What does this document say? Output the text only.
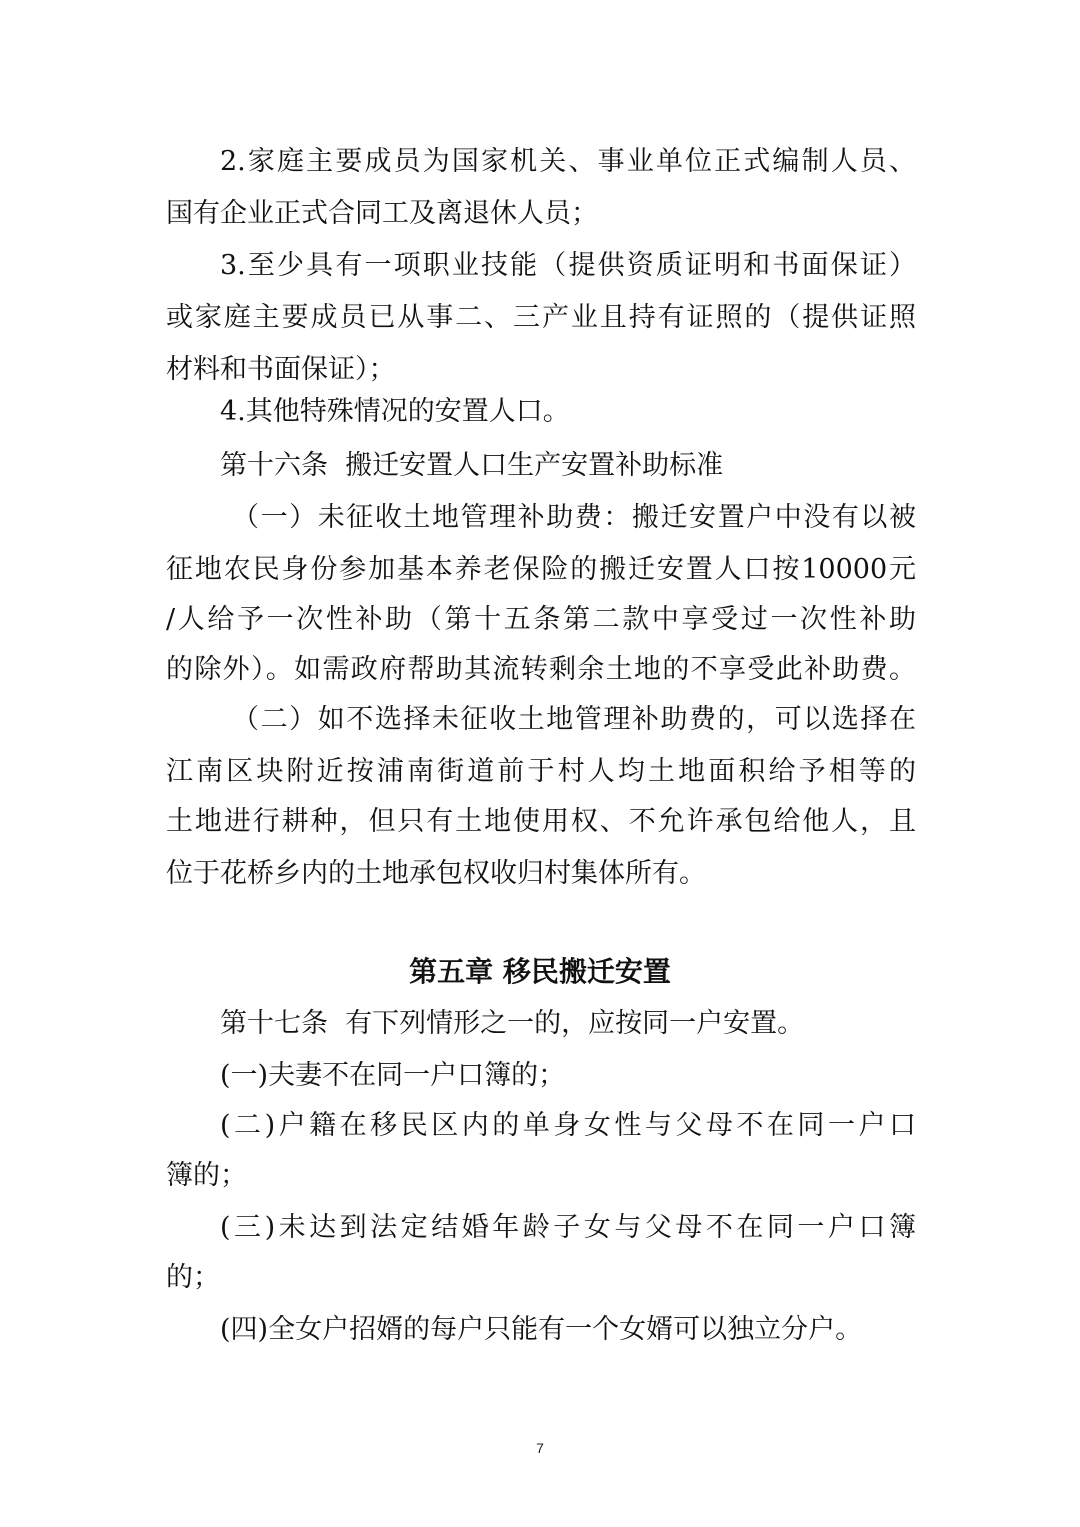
2.家庭主要成员为国家机关、事业单位正式编制人员、
国有企业正式合同工及离退休人员；
3.至少具有一项职业技能（提供资质证明和书面保证）
或家庭主要成员已从事二、三产业且持有证照的（提供证照
材料和书面保证）；
4.其他特殊情况的安置人口。
第十六条 搬迁安置人口生产安置补助标准
（一）未征收土地管理补助费：搬迁安置户中没有以被
征地农民身份参加基本养老保险的搬迁安置人口按10000元
/人给予一次性补助（第十五条第二款中享受过一次性补助
的除外）。如需政府帮助其流转剩余土地的不享受此补助费。
（二）如不选择未征收土地管理补助费的，可以选择在
江南区块附近按浦南街道前于村人均土地面积给予相等的
土地进行耕种，但只有土地使用权、不允许承包给他人，且
位于花桥乡内的土地承包权收归村集体所有。
第五章 移民搬迁安置
第十七条 有下列情形之一的，应按同一户安置。
(一)夫妻不在同一户口簿的；
(二)户籍在移民区内的单身女性与父母不在同一户口
簿的；
(三)未达到法定结婚年龄子女与父母不在同一户口簿
的；
(四)全女户招婿的每户只能有一个女婿可以独立分户。
7
